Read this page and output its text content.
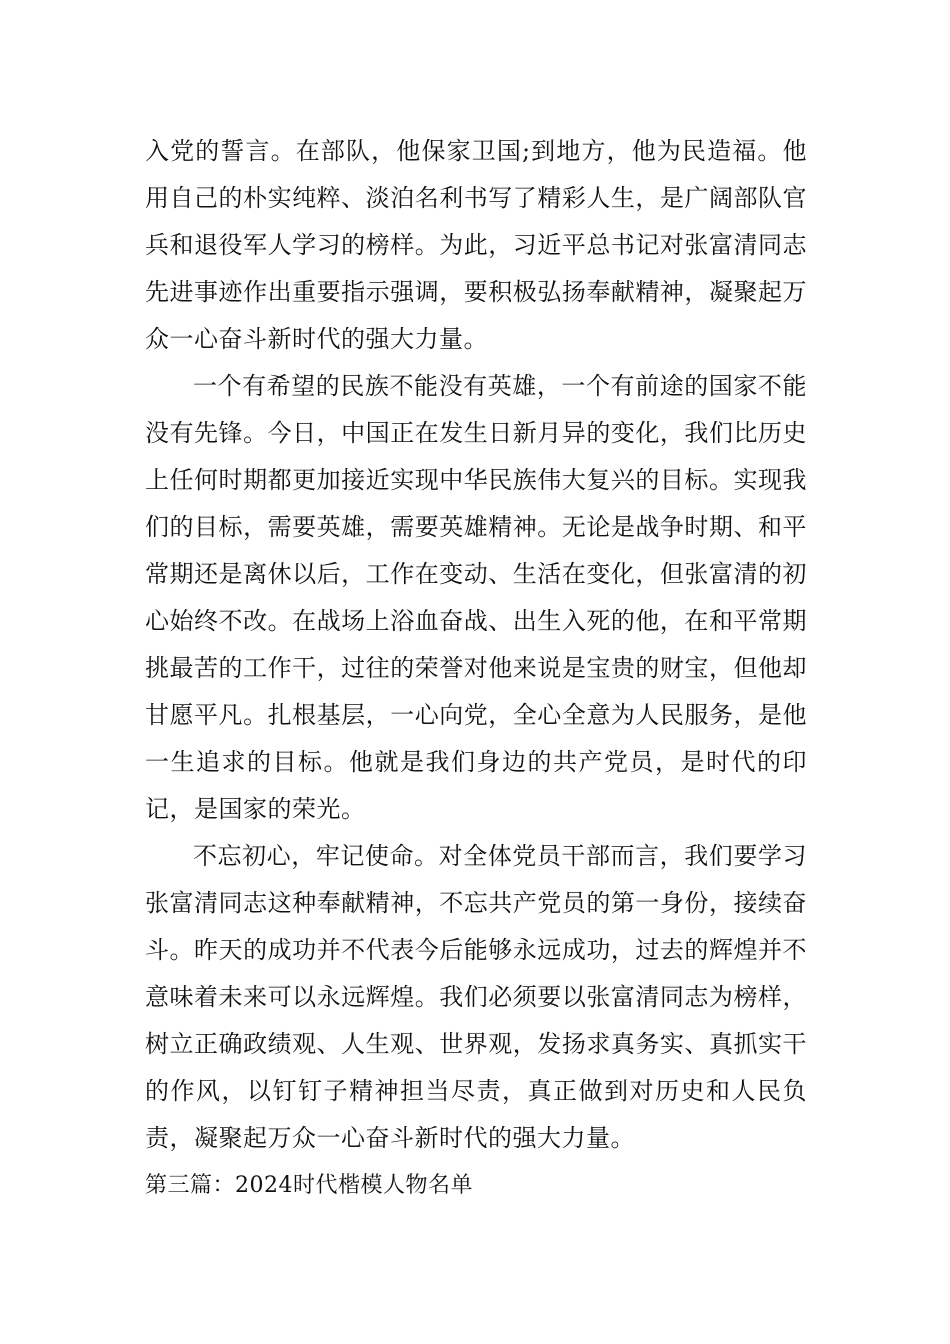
入党的誓言。在部队，他保家卫国;到地方，他为民造福。他用自己的朴实纯粹、淡泊名利书写了精彩人生，是广阔部队官兵和退役军人学习的榜样。为此，习近平总书记对张富清同志先进事迹作出重要指示强调，要积极弘扬奉献精神，凝聚起万众一心奋斗新时代的强大力量。

一个有希望的民族不能没有英雄，一个有前途的国家不能没有先锋。今日，中国正在发生日新月异的变化，我们比历史上任何时期都更加接近实现中华民族伟大复兴的目标。实现我们的目标，需要英雄，需要英雄精神。无论是战争时期、和平常期还是离休以后，工作在变动、生活在变化，但张富清的初心始终不改。在战场上浴血奋战、出生入死的他，在和平常期挑最苦的工作干，过往的荣誉对他来说是宝贵的财宝，但他却甘愿平凡。扎根基层，一心向党，全心全意为人民服务，是他一生追求的目标。他就是我们身边的共产党员，是时代的印记，是国家的荣光。

不忘初心，牢记使命。对全体党员干部而言，我们要学习张富清同志这种奉献精神，不忘共产党员的第一身份，接续奋斗。昨天的成功并不代表今后能够永远成功，过去的辉煌并不意味着未来可以永远辉煌。我们必须要以张富清同志为榜样，树立正确政绩观、人生观、世界观，发扬求真务实、真抓实干的作风，以钉钉子精神担当尽责，真正做到对历史和人民负责，凝聚起万众一心奋斗新时代的强大力量。

第三篇：2024时代楷模人物名单
